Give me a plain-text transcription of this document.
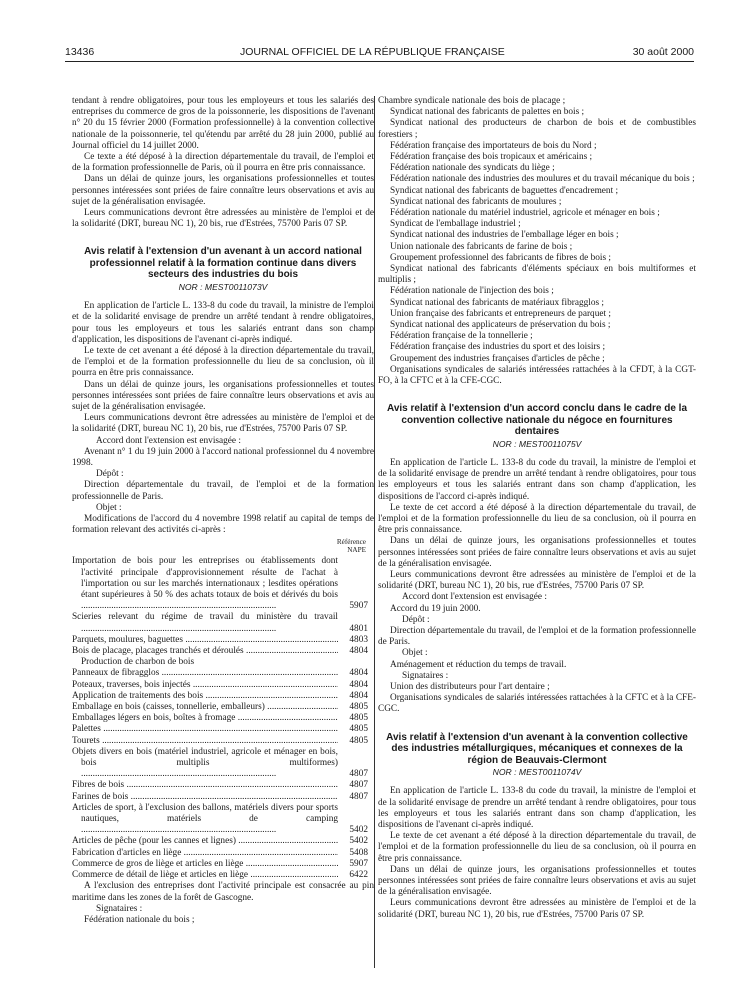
13436	JOURNAL OFFICIEL DE LA RÉPUBLIQUE FRANÇAISE	30 août 2000

tendant à rendre obligatoires, pour tous les employeurs et tous les salariés des entreprises du commerce de gros de la poissonnerie, les dispositions de l'avenant n° 20 du 15 février 2000 (Formation professionnelle) à la convention collective nationale de la poissonnerie, tel qu'étendu par arrêté du 28 juin 2000, publié au Journal officiel du 14 juillet 2000.

Ce texte a été déposé à la direction départementale du travail, de l'emploi et de la formation professionnelle de Paris, où il pourra en être pris connaissance.

Dans un délai de quinze jours, les organisations professionnelles et toutes personnes intéressées sont priées de faire connaître leurs observations et avis au sujet de la généralisation envisagée.

Leurs communications devront être adressées au ministère de l'emploi et de la solidarité (DRT, bureau NC 1), 20 bis, rue d'Estrées, 75700 Paris 07 SP.

Avis relatif à l'extension d'un avenant à un accord national professionnel relatif à la formation continue dans divers secteurs des industries du bois
NOR : MEST0011073V

En application de l'article L. 133-8 du code du travail, la ministre de l'emploi et de la solidarité envisage de prendre un arrêté tendant à rendre obligatoires, pour tous les employeurs et tous les salariés entrant dans son champ d'application, les dispositions de l'avenant ci-après indiqué.

Le texte de cet avenant a été déposé à la direction départementale du travail, de l'emploi et de la formation professionnelle du lieu de sa conclusion, où il pourra en être pris connaissance.

Dans un délai de quinze jours, les organisations professionnelles et toutes personnes intéressées sont priées de faire connaître leurs observations et avis au sujet de la généralisation envisagée.

Leurs communications devront être adressées au ministère de l'emploi et de la solidarité (DRT, bureau NC 1), 20 bis, rue d'Estrées, 75700 Paris 07 SP.

Accord dont l'extension est envisagée :

Avenant n° 1 du 19 juin 2000 à l'accord national professionnel du 4 novembre 1998.

Dépôt :

Direction départementale du travail, de l'emploi et de la formation professionnelle de Paris.

Objet :

Modifications de l'accord du 4 novembre 1998 relatif au capital de temps de formation relevant des activités ci-après :

Référence
NAPE
Importation de bois pour les entreprises ou établissements dont l'activité principale d'approvisionnement résulte de l'achat à l'importation ou sur les marchés internationaux ; lesdites opérations étant supérieures à 50 % des achats totaux de bois et dérivés du bois .....
5907
Scieries relevant du régime de travail du ministère du travail .....
4801
Parquets, moulures, baguettes .....	4803
Bois de placage, placages tranchés et déroulés .....	4804
Production de charbon de bois
Panneaux de fibragglos .....	4804
Poteaux, traverses, bois injectés .....	4804
Application de traitements des bois .....	4804
Emballage en bois (caisses, tonnellerie, emballeurs) .....	4805
Emballages légers en bois, boîtes à fromage .....	4805
Palettes .....	4805
Tourets .....	4805
Objets divers en bois (matériel industriel, agricole et ménager en bois, bois multiplis multiformes) .....
4807
Fibres de bois .....	4807
Farines de bois .....	4807
Articles de sport, à l'exclusion des ballons, matériels divers pour sports nautiques, matériels de camping .....
5402
Articles de pêche (pour les cannes et lignes) .....	5402
Fabrication d'articles en liège .....	5408
Commerce de gros de liège et articles en liège .....	5907
Commerce de détail de liège et articles en liège .....	6422

A l'exclusion des entreprises dont l'activité principale est consacrée au pin maritime dans les zones de la forêt de Gascogne.

Signataires :

Fédération nationale du bois ;

Chambre syndicale nationale des bois de placage ;

Syndicat national des fabricants de palettes en bois ;

Syndicat national des producteurs de charbon de bois et de combustibles forestiers ;

Fédération française des importateurs de bois du Nord ;

Fédération française des bois tropicaux et américains ;

Fédération nationale des syndicats du liège ;

Fédération nationale des industries des moulures et du travail mécanique du bois ;

Syndicat national des fabricants de baguettes d'encadrement ;

Syndicat national des fabricants de moulures ;

Fédération nationale du matériel industriel, agricole et ménager en bois ;

Syndicat de l'emballage industriel ;

Syndicat national des industries de l'emballage léger en bois ;

Union nationale des fabricants de farine de bois ;

Groupement professionnel des fabricants de fibres de bois ;

Syndicat national des fabricants d'éléments spéciaux en bois multiformes et multiplis ;

Fédération nationale de l'injection des bois ;

Syndicat national des fabricants de matériaux fibragglos ;

Union française des fabricants et entrepreneurs de parquet ;

Syndicat national des applicateurs de préservation du bois ;

Fédération française de la tonnellerie ;

Fédération française des industries du sport et des loisirs ;

Groupement des industries françaises d'articles de pêche ;

Organisations syndicales de salariés intéressées rattachées à la CFDT, à la CGT-FO, à la CFTC et à la CFE-CGC.

Avis relatif à l'extension d'un accord conclu dans le cadre de la convention collective nationale du négoce en fournitures dentaires
NOR : MEST0011075V

En application de l'article L. 133-8 du code du travail, la ministre de l'emploi et de la solidarité envisage de prendre un arrêté tendant à rendre obligatoires, pour tous les employeurs et tous les salariés entrant dans son champ d'application, les dispositions de l'accord ci-après indiqué.

Le texte de cet accord a été déposé à la direction départementale du travail, de l'emploi et de la formation professionnelle du lieu de sa conclusion, où il pourra en être pris connaissance.

Dans un délai de quinze jours, les organisations professionnelles et toutes personnes intéressées sont priées de faire connaître leurs observations et avis au sujet de la généralisation envisagée.

Leurs communications devront être adressées au ministère de l'emploi et de la solidarité (DRT, bureau NC 1), 20 bis, rue d'Estrées, 75700 Paris 07 SP.

Accord dont l'extension est envisagée :

Accord du 19 juin 2000.

Dépôt :

Direction départementale du travail, de l'emploi et de la formation professionnelle de Paris.

Objet :

Aménagement et réduction du temps de travail.

Signataires :

Union des distributeurs pour l'art dentaire ;

Organisations syndicales de salariés intéressées rattachées à la CFTC et à la CFE-CGC.

Avis relatif à l'extension d'un avenant à la convention collective des industries métallurgiques, mécaniques et connexes de la région de Beauvais-Clermont
NOR : MEST0011074V

En application de l'article L. 133-8 du code du travail, la ministre de l'emploi et de la solidarité envisage de prendre un arrêté tendant à rendre obligatoires, pour tous les employeurs et tous les salariés entrant dans son champ d'application, les dispositions de l'avenant ci-après indiqué.

Le texte de cet avenant a été déposé à la direction départementale du travail, de l'emploi et de la formation professionnelle du lieu de sa conclusion, où il pourra en être pris connaissance.

Dans un délai de quinze jours, les organisations professionnelles et toutes personnes intéressées sont priées de faire connaître leurs observations et avis au sujet de la généralisation envisagée.

Leurs communications devront être adressées au ministère de l'emploi et de la solidarité (DRT, bureau NC 1), 20 bis, rue d'Estrées, 75700 Paris 07 SP.
